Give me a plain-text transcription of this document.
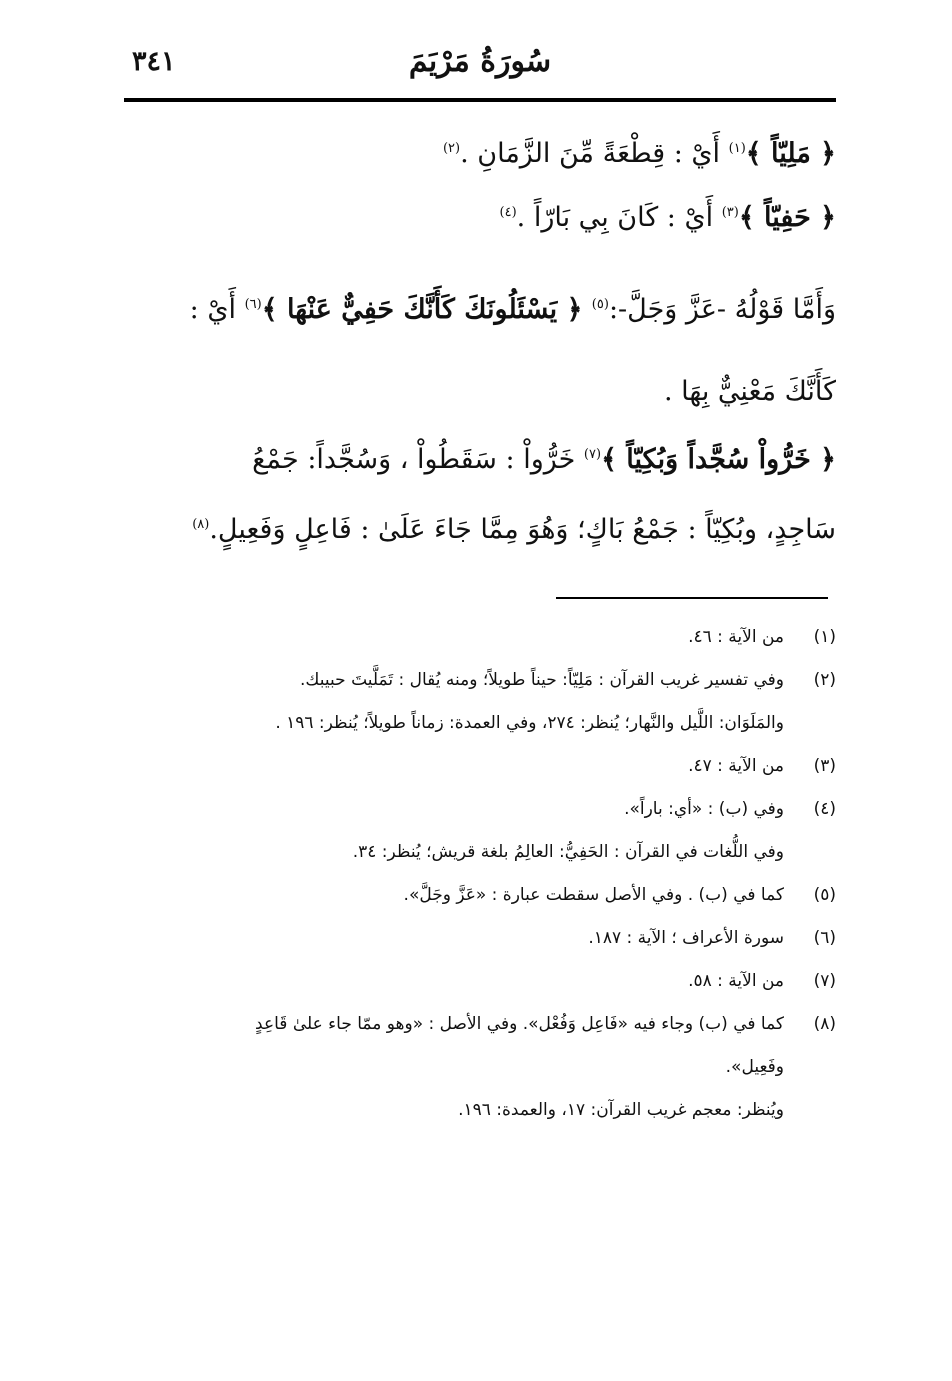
سُورَةُ مَرْيَمَ
٣٤١

﴿ مَلِيّاً ﴾$^{(١)}$ أَيْ : قِطْعَةً مِّنَ الزَّمَانِ .$^{(٢)}$

﴿ حَفِيّاً ﴾$^{(٣)}$ أَيْ : كَانَ بِي بَارّاً .$^{(٤)}$

وَأَمَّا قَوْلُهُ -عَزَّ وَجَلَّ-:$^{(٥)}$ ﴿ يَسْئَلُونَكَ كَأَنَّكَ حَفِيٌّ عَنْهَا ﴾$^{(٦)}$ أَيْ :

كَأَنَّكَ مَعْنِيٌّ بِهَا .

﴿ خَرُّواْ سُجَّداً وَبُكِيّاً ﴾$^{(٧)}$ خَرُّواْ : سَقَطُواْ ، وَسُجَّداً: جَمْعُ

سَاجِدٍ، وبُكِيّاً : جَمْعُ بَاكٍ؛ وَهُوَ مِمَّا جَاءَ عَلَىٰ : فَاعِلٍ وَفَعِيلٍ.$^{(٨)}$

(١)
من الآية : ٤٦.
(٢)
وفي تفسير غريب القرآن : مَلِيّاً: حيناً طويلاً؛ ومنه يُقال : تَمَلَّيتَ حبيبك.
والمَلَوَان: اللَّيل والنَّهار؛ يُنظر: ٢٧٤، وفي العمدة: زماناً طويلاً؛ يُنظر: ١٩٦ .
(٣)
من الآية : ٤٧.
(٤)
وفي (ب) : «أي: باراً».
وفي اللُّغات في القرآن : الحَفِيُّ: العالِمُ بلغة قريش؛ يُنظر: ٣٤.
(٥)
كما في (ب) . وفي الأصل سقطت عبارة : «عَزَّ وجَلَّ».
(٦)
سورة الأعراف ؛ الآية : ١٨٧.
(٧)
من الآية : ٥٨.
(٨)
كما في (ب) وجاء فيه «فَاعِل وَفُعْل». وفي الأصل : «وهو ممّا جاء علىٰ قَاعِدٍ
وفَعِيل».
ويُنظر: معجم غريب القرآن: ١٧، والعمدة: ١٩٦.
